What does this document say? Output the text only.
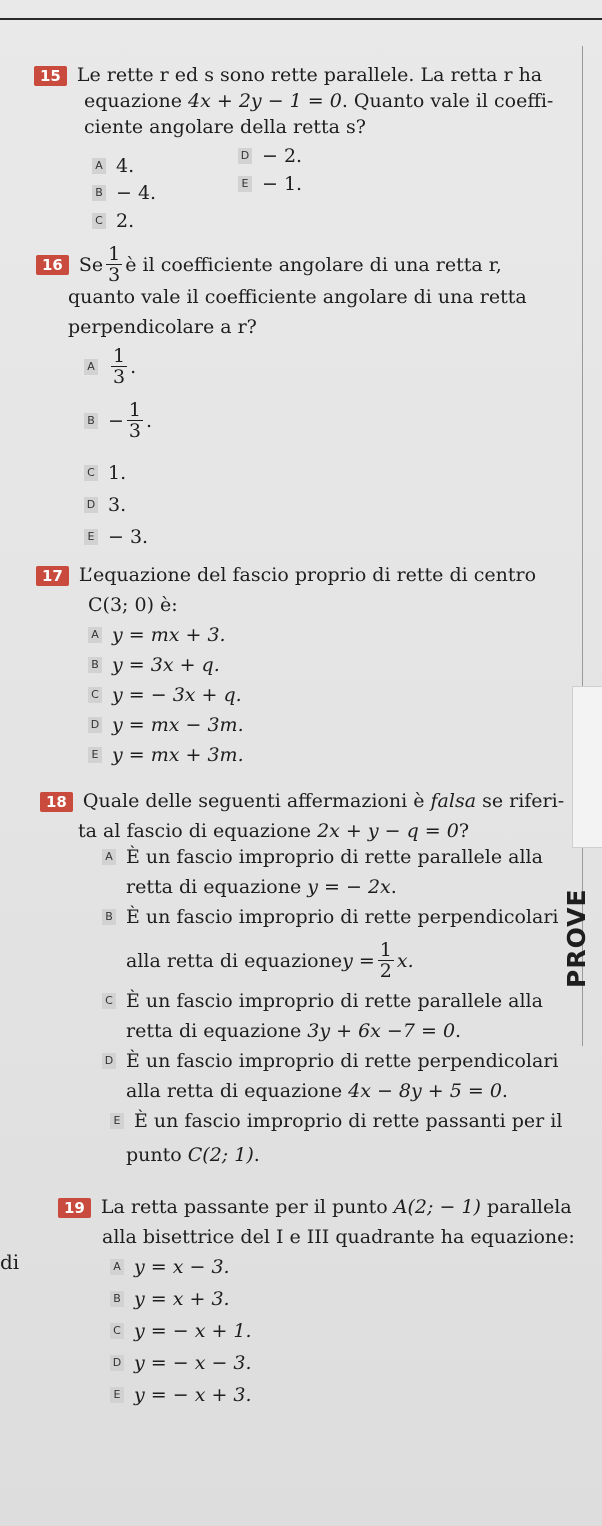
PROVE
di
15 Le rette r ed s sono rette parallele. La retta r ha
equazione 4x + 2y − 1 = 0. Quanto vale il coeffi-
ciente angolare della retta s?
A 4.
B − 4.
C 2.
D − 2.
E − 1.
16 Se $\frac{1}{3}$ è il coefficiente angolare di una retta r,
quanto vale il coefficiente angolare di una retta
perpendicolare a r?
A $\frac{1}{3}$ .
$B - \frac{1}{3}$ .
C 1.
D 3.
E − 3.
17 L’equazione del fascio proprio di rette di centro
C(3; 0) è:
A y = mx + 3.
B y = 3x + q.
C y = − 3x + q.
D y = mx − 3m.
E y = mx + 3m.
18 Quale delle seguenti affermazioni è falsa se riferi-
ta al fascio di equazione 2x + y − q = 0?
A È un fascio improprio di rette parallele alla
retta di equazione y = − 2x.
B È un fascio improprio di rette perpendicolari
alla retta di equazione $y = \frac{1}{2} x$.
C È un fascio improprio di rette parallele alla
retta di equazione 3y + 6x −7 = 0.
D È un fascio improprio di rette perpendicolari
alla retta di equazione 4x − 8y + 5 = 0.
E È un fascio improprio di rette passanti per il
punto C(2; 1).
19 La retta passante per il punto A(2; − 1) parallela
alla bisettrice del I e III quadrante ha equazione:
A y = x − 3.
B y = x + 3.
C y = − x + 1.
D y = − x − 3.
E y = − x + 3.
